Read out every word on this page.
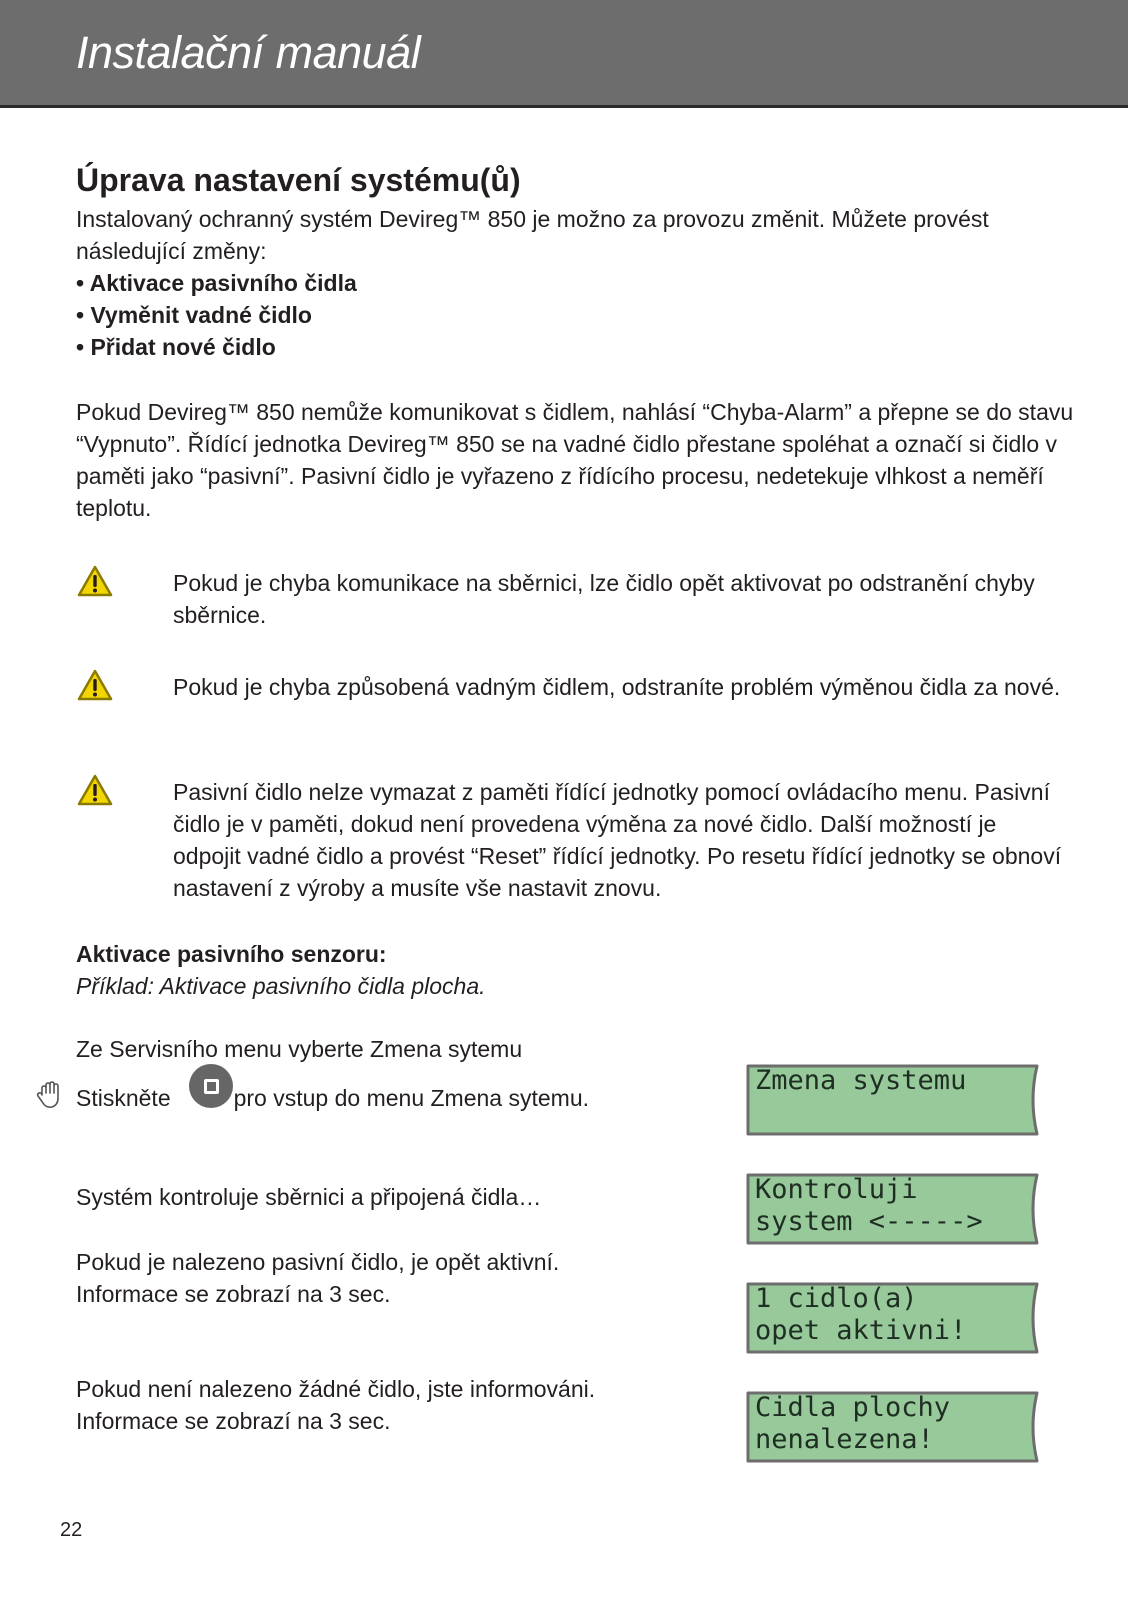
Instalační manuál
Úprava nastavení systému(ů)

Instalovaný ochranný systém Devireg™ 850 je možno za provozu změnit. Můžete provést následující změny:

• Aktivace pasivního čidla
• Vyměnit vadné čidlo
• Přidat nové čidlo

Pokud Devireg™ 850 nemůže komunikovat s čidlem, nahlásí “Chyba-Alarm” a přepne se do stavu “Vypnuto”. Řídící jednotka Devireg™ 850 se na vadné čidlo přestane spoléhat a označí si čidlo v paměti jako “pasivní”. Pasivní čidlo je vyřazeno z řídícího procesu, nedetekuje vlhkost a neměří teplotu.

Pokud je chyba komunikace na sběrnici, lze čidlo opět aktivovat po odstranění chyby sběrnice.

Pokud je chyba způsobená vadným čidlem, odstraníte problém výměnou čidla za nové.

Pasivní čidlo nelze vymazat z paměti řídící jednotky pomocí ovládacího menu. Pasivní čidlo je v paměti, dokud není provedena výměna za nové čidlo. Další možností je odpojit vadné čidlo a provést “Reset” řídící jednotky. Po resetu řídící jednotky se obnoví nastavení z výroby a musíte vše nastavit znovu.

Aktivace pasivního senzoru:

Příklad: Aktivace pasivního čidla plocha.

Ze Servisního menu vyberte Zmena sytemu

Stiskněte	pro vstup do menu Zmena sytemu.

Systém kontroluje sběrnici a připojená čidla…

Pokud je nalezeno pasivní čidlo, je opět aktivní.
Informace se zobrazí na 3 sec.

Pokud není nalezeno žádné čidlo, jste informováni.
Informace se zobrazí na 3 sec.

Zmena systemu
Kontroluji
system <----->
1 cidlo(a)
opet aktivni!
Cidla plochy
nenalezena!

22
